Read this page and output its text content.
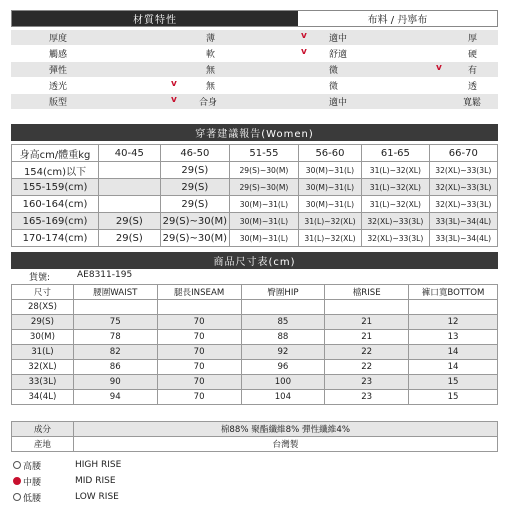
材質特性	布料 / 丹寧布
厚度	薄	v 適中	厚
觸感	軟	v 舒適	硬
彈性	無	微	v	有
透光	v	無	微	透
版型	v 合身	適中	寬鬆
穿著建議報告(Women)
身高cm/體重kg	40-45	46-50	51-55	56-60	61-65	66-70
154(cm)以下		29(S)	29(S)~30(M)	30(M)~31(L)	31(L)~32(XL)	32(XL)~33(3L)
155-159(cm)		29(S)	29(S)~30(M)	30(M)~31(L)	31(L)~32(XL)	32(XL)~33(3L)
160-164(cm)		29(S)	30(M)~31(L)	30(M)~31(L)	31(L)~32(XL)	32(XL)~33(3L)
165-169(cm)	29(S)	29(S)~30(M)	30(M)~31(L)	31(L)~32(XL)	32(XL)~33(3L)	33(3L)~34(4L)
170-174(cm)	29(S)	29(S)~30(M)	30(M)~31(L)	31(L)~32(XL)	32(XL)~33(3L)	33(3L)~34(4L)
商品尺寸表(cm)
貨號:	AE8311-195
尺寸	腰圍WAIST	腿長INSEAM	臀圍HIP	檔RISE	褲口寬BOTTOM
28(XS)					
29(S)	75	70	85	21	12
30(M)	78	70	88	21	13
31(L)	82	70	92	22	14
32(XL)	86	70	96	22	14
33(3L)	90	70	100	23	15
34(4L)	94	70	104	23	15
成分	棉88% 聚酯纖維8% 彈性纖維4%
產地	台灣製
高腰	HIGH RISE
中腰	MID RISE
低腰	LOW RISE
